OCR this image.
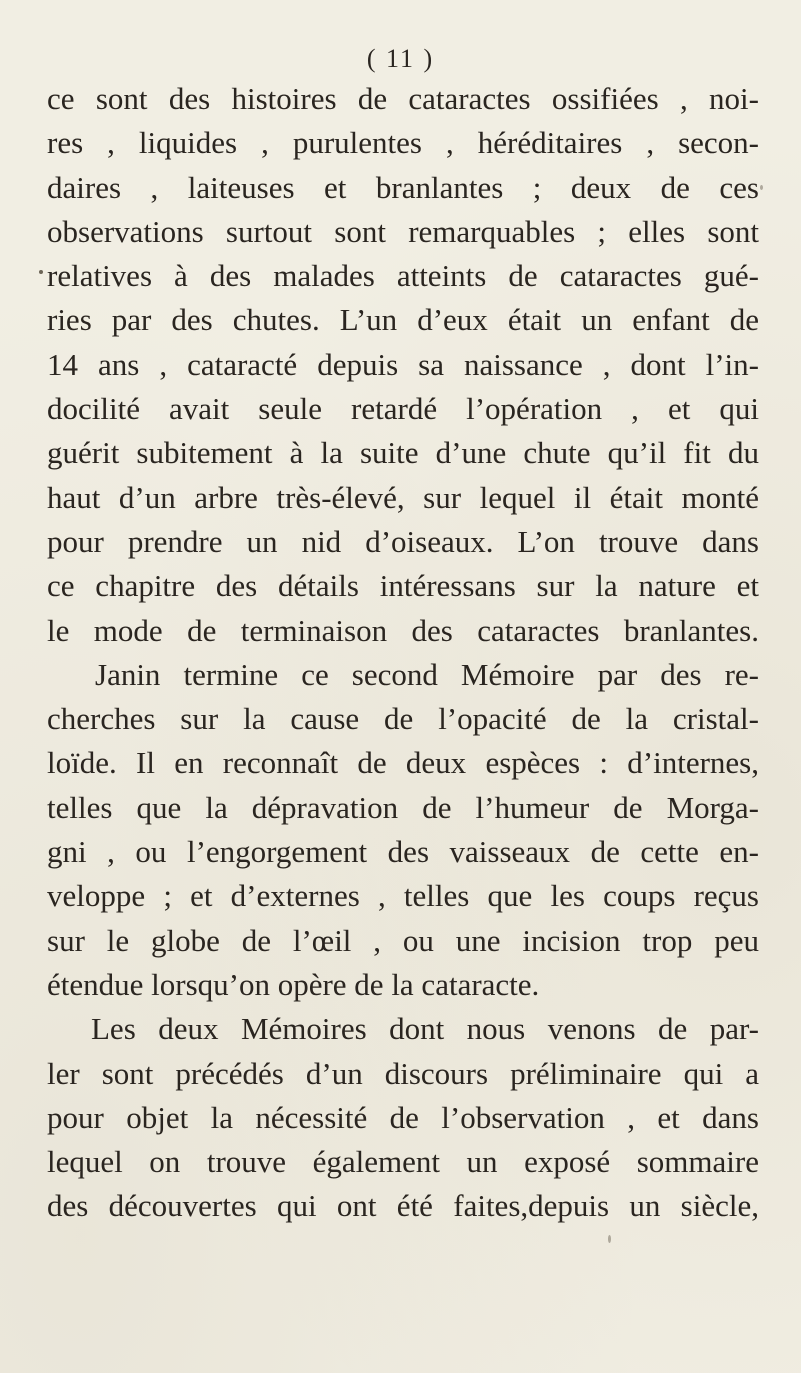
( 11 )
ce sont des histoires de cataractes ossifiées , noi-
res , liquides , purulentes , héréditaires , secon-
daires , laiteuses et branlantes ; deux de ces
observations surtout sont remarquables ; elles sont
relatives à des malades atteints de cataractes gué-
ries par des chutes. L’un d’eux était un enfant de
14 ans , cataracté depuis sa naissance , dont l’in-
docilité avait seule retardé l’opération , et qui
guérit subitement à la suite d’une chute qu’il fit du
haut d’un arbre très-élevé, sur lequel il était monté
pour prendre un nid d’oiseaux. L’on trouve dans
ce chapitre des détails intéressans sur la nature et
le mode de terminaison des cataractes branlantes.
Janin termine ce second Mémoire par des re-
cherches sur la cause de l’opacité de la cristal-
loïde. Il en reconnaît de deux espèces : d’internes,
telles que la dépravation de l’humeur de Morga-
gni , ou l’engorgement des vaisseaux de cette en-
veloppe ; et d’externes , telles que les coups reçus
sur le globe de l’œil , ou une incision trop peu
étendue lorsqu’on opère de la cataracte.
Les deux Mémoires dont nous venons de par-
ler sont précédés d’un discours préliminaire qui a
pour objet la nécessité de l’observation , et dans
lequel on trouve également un exposé sommaire
des découvertes qui ont été faites,depuis un siècle,
